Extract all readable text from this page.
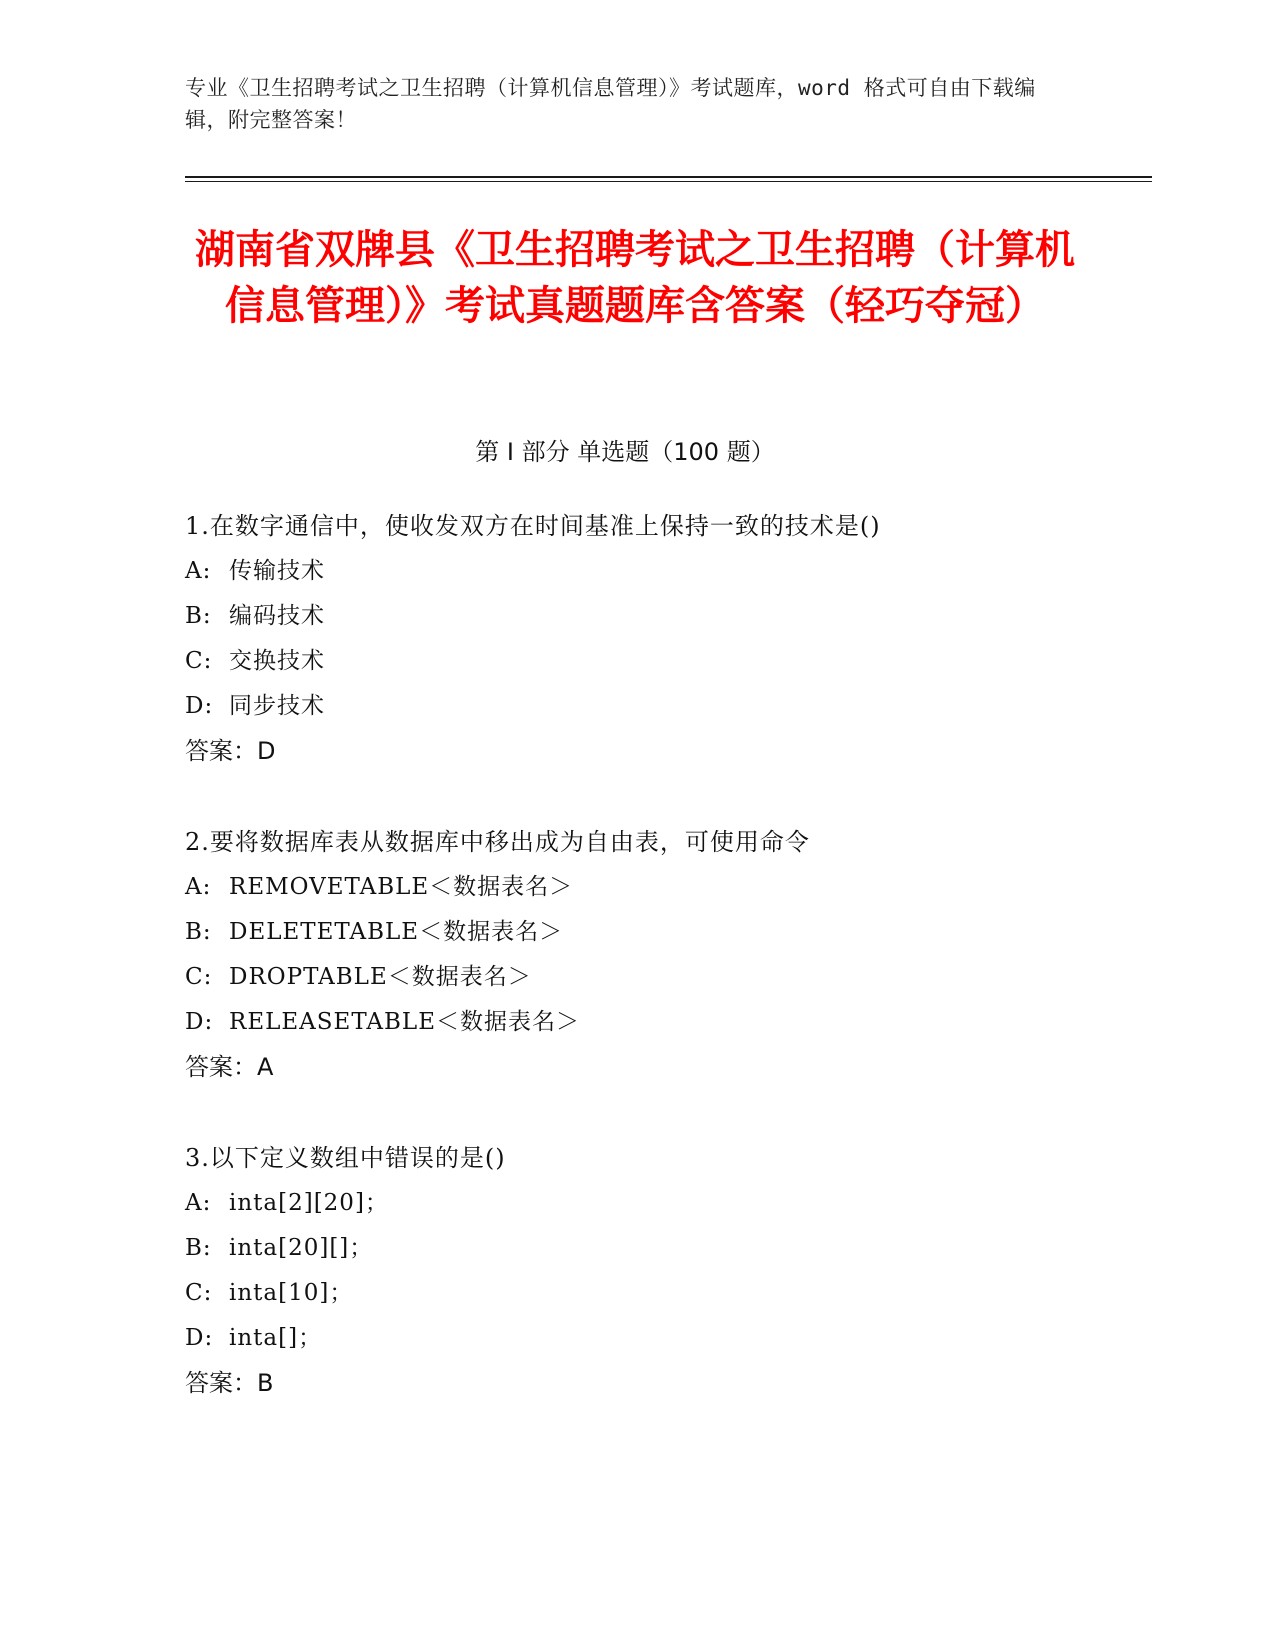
专业《卫生招聘考试之卫生招聘（计算机信息管理）》考试题库，word 格式可自由下载编辑，附完整答案！
湖南省双牌县《卫生招聘考试之卫生招聘（计算机信息管理）》考试真题题库含答案（轻巧夺冠）
第 I 部分 单选题（100 题）
1.在数字通信中，使收发双方在时间基准上保持一致的技术是()
A: 传输技术
B: 编码技术
C: 交换技术
D: 同步技术
答案：D
2.要将数据库表从数据库中移出成为自由表，可使用命令
A: REMOVETABLE＜数据表名＞
B: DELETETABLE＜数据表名＞
C: DROPTABLE＜数据表名＞
D: RELEASETABLE＜数据表名＞
答案：A
3.以下定义数组中错误的是()
A: inta[2][20]；
B: inta[20][]；
C: inta[10]；
D: inta[]；
答案：B
